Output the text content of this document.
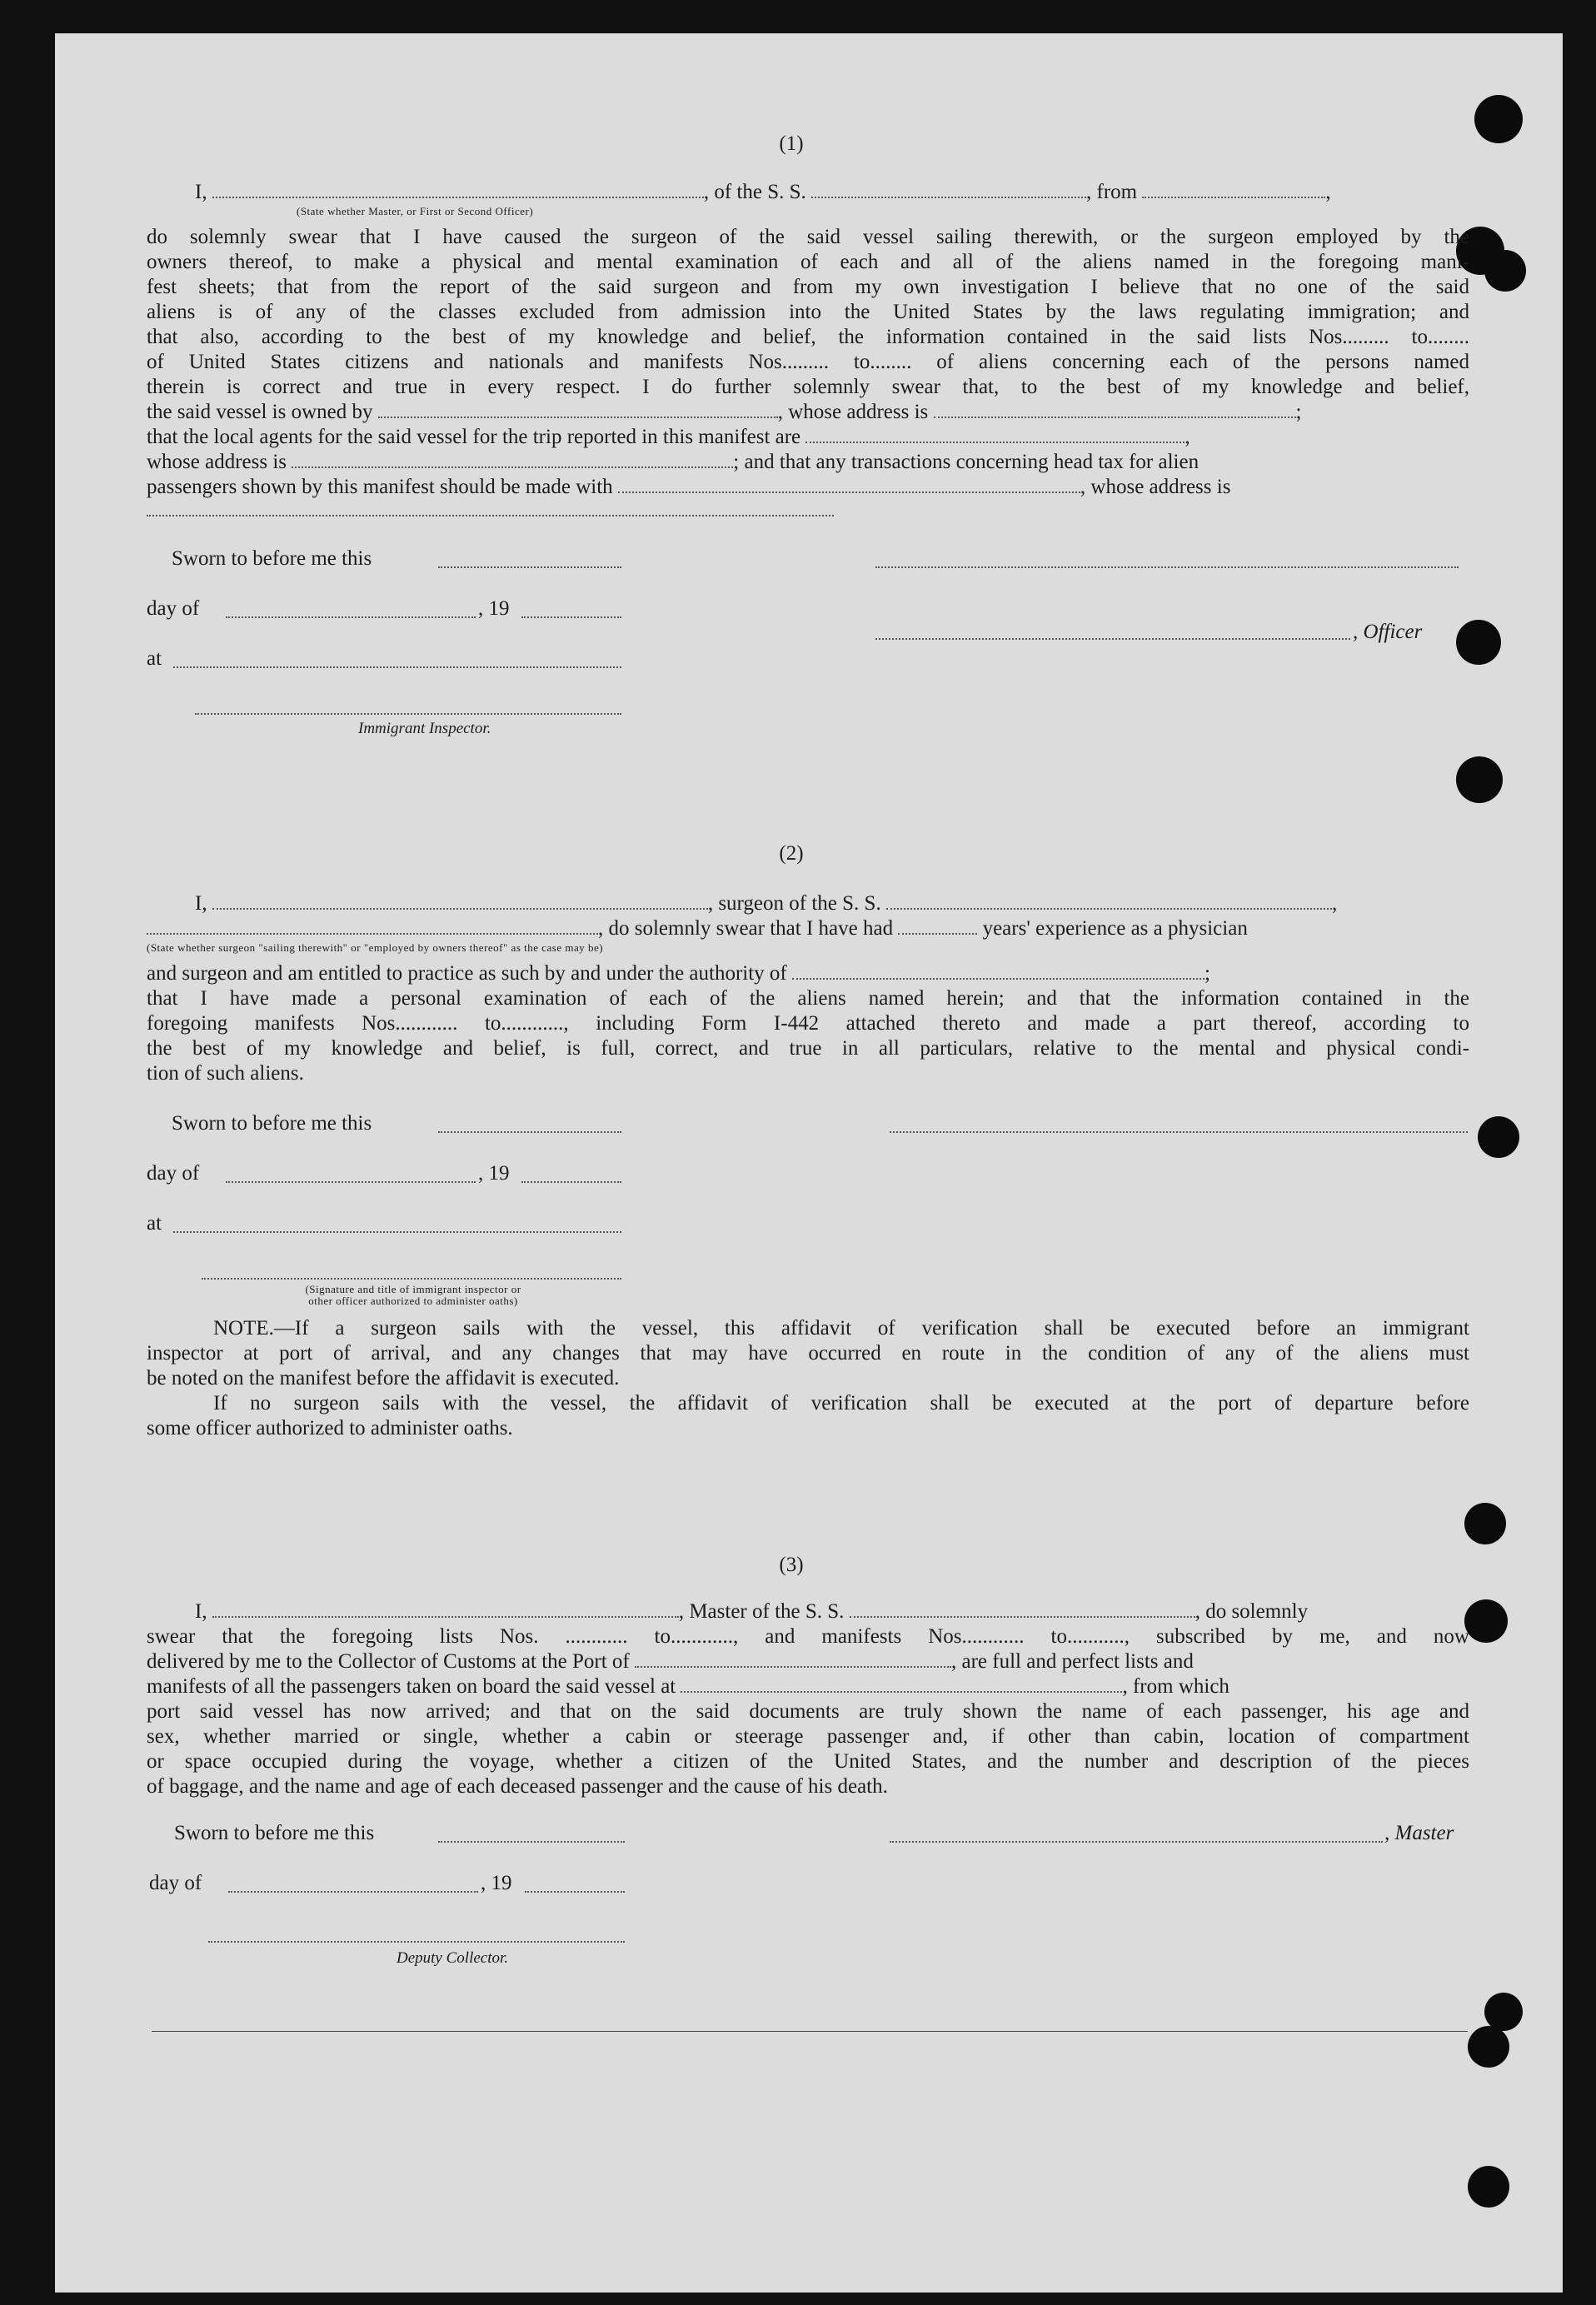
(1)
I,	, of the S. S.	, from	,
(State whether Master, or First or Second Officer)
do solemnly swear that I have caused the surgeon of the said vessel sailing therewith, or the surgeon employed by the
owners thereof, to make a physical and mental examination of each and all of the aliens named in the foregoing mani-
fest sheets; that from the report of the said surgeon and from my own investigation I believe that no one of the said
aliens is of any of the classes excluded from admission into the United States by the laws regulating immigration; and
that also, according to the best of my knowledge and belief, the information contained in the said lists Nos......... to........
of United States citizens and nationals and manifests Nos......... to........ of aliens concerning each of the persons named
therein is correct and true in every respect. I do further solemnly swear that, to the best of my knowledge and belief,
the said vessel is owned by	, whose address is	;
that the local agents for the said vessel for the trip reported in this manifest are	,
whose address is	; and that any transactions concerning head tax for alien
passengers shown by this manifest should be made with	, whose address is
Sworn to before me this
day of	, 19
, Officer
at
Immigrant Inspector.
(2)
I,	, surgeon of the S. S.	,
, do solemnly swear that I have had	years' experience as a physician
(State whether surgeon "sailing therewith" or "employed by owners thereof" as the case may be)
and surgeon and am entitled to practice as such by and under the authority of	;
that I have made a personal examination of each of the aliens named herein; and that the information contained in the
foregoing manifests Nos............ to............, including Form I-442 attached thereto and made a part thereof, according to
the best of my knowledge and belief, is full, correct, and true in all particulars, relative to the mental and physical condi-
tion of such aliens.
Sworn to before me this
day of	, 19
at
(Signature and title of immigrant inspector or
other officer authorized to administer oaths)
NOTE.—If a surgeon sails with the vessel, this affidavit of verification shall be executed before an immigrant
inspector at port of arrival, and any changes that may have occurred en route in the condition of any of the aliens must
be noted on the manifest before the affidavit is executed.
If no surgeon sails with the vessel, the affidavit of verification shall be executed at the port of departure before
some officer authorized to administer oaths.
(3)
I,	, Master of the S. S.	, do solemnly
swear that the foregoing lists Nos. ............ to............, and manifests Nos............ to..........., subscribed by me, and now
delivered by me to the Collector of Customs at the Port of	, are full and perfect lists and
manifests of all the passengers taken on board the said vessel at	, from which
port said vessel has now arrived; and that on the said documents are truly shown the name of each passenger, his age and
sex, whether married or single, whether a cabin or steerage passenger and, if other than cabin, location of compartment
or space occupied during the voyage, whether a citizen of the United States, and the number and description of the pieces
of baggage, and the name and age of each deceased passenger and the cause of his death.
Sworn to before me this	, Master
day of	, 19
Deputy Collector.
